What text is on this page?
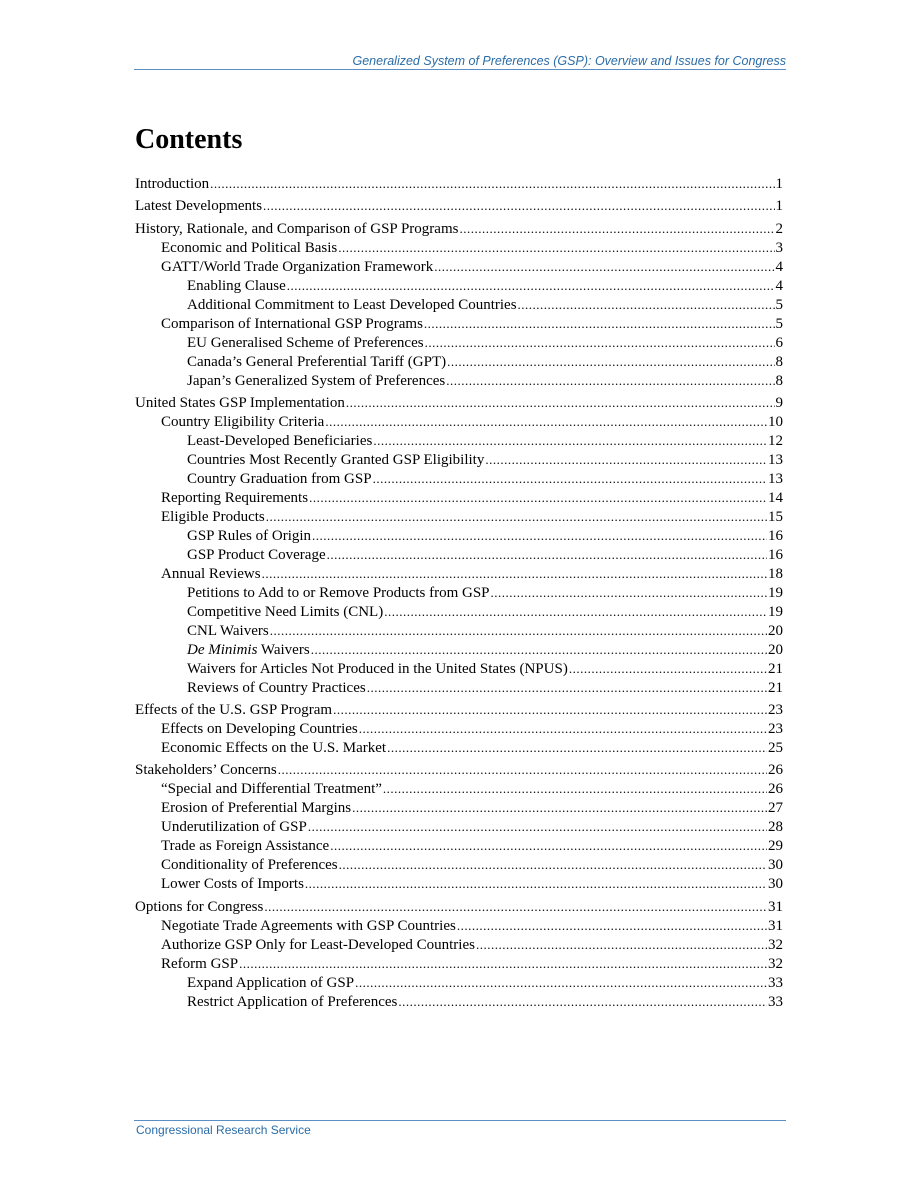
Generalized System of Preferences (GSP): Overview and Issues for Congress
Contents
Introduction .....	1
Latest Developments .....	1
History, Rationale, and Comparison of GSP Programs .....	2
Economic and Political Basis .....	3
GATT/World Trade Organization Framework .....	4
Enabling Clause .....	4
Additional Commitment to Least Developed Countries .....	5
Comparison of International GSP Programs .....	5
EU Generalised Scheme of Preferences .....	6
Canada’s General Preferential Tariff (GPT) .....	8
Japan’s Generalized System of Preferences .....	8
United States GSP Implementation .....	9
Country Eligibility Criteria .....	10
Least-Developed Beneficiaries .....	12
Countries Most Recently Granted GSP Eligibility .....	13
Country Graduation from GSP .....	13
Reporting Requirements .....	14
Eligible Products .....	15
GSP Rules of Origin .....	16
GSP Product Coverage .....	16
Annual Reviews .....	18
Petitions to Add to or Remove Products from GSP .....	19
Competitive Need Limits (CNL) .....	19
CNL Waivers .....	20
De Minimis Waivers .....	20
Waivers for Articles Not Produced in the United States (NPUS) .....	21
Reviews of Country Practices .....	21
Effects of the U.S. GSP Program .....	23
Effects on Developing Countries .....	23
Economic Effects on the U.S. Market .....	25
Stakeholders’ Concerns .....	26
“Special and Differential Treatment” .....	26
Erosion of Preferential Margins .....	27
Underutilization of GSP .....	28
Trade as Foreign Assistance .....	29
Conditionality of Preferences .....	30
Lower Costs of Imports .....	30
Options for Congress .....	31
Negotiate Trade Agreements with GSP Countries .....	31
Authorize GSP Only for Least-Developed Countries .....	32
Reform GSP .....	32
Expand Application of GSP .....	33
Restrict Application of Preferences .....	33
Congressional Research Service
